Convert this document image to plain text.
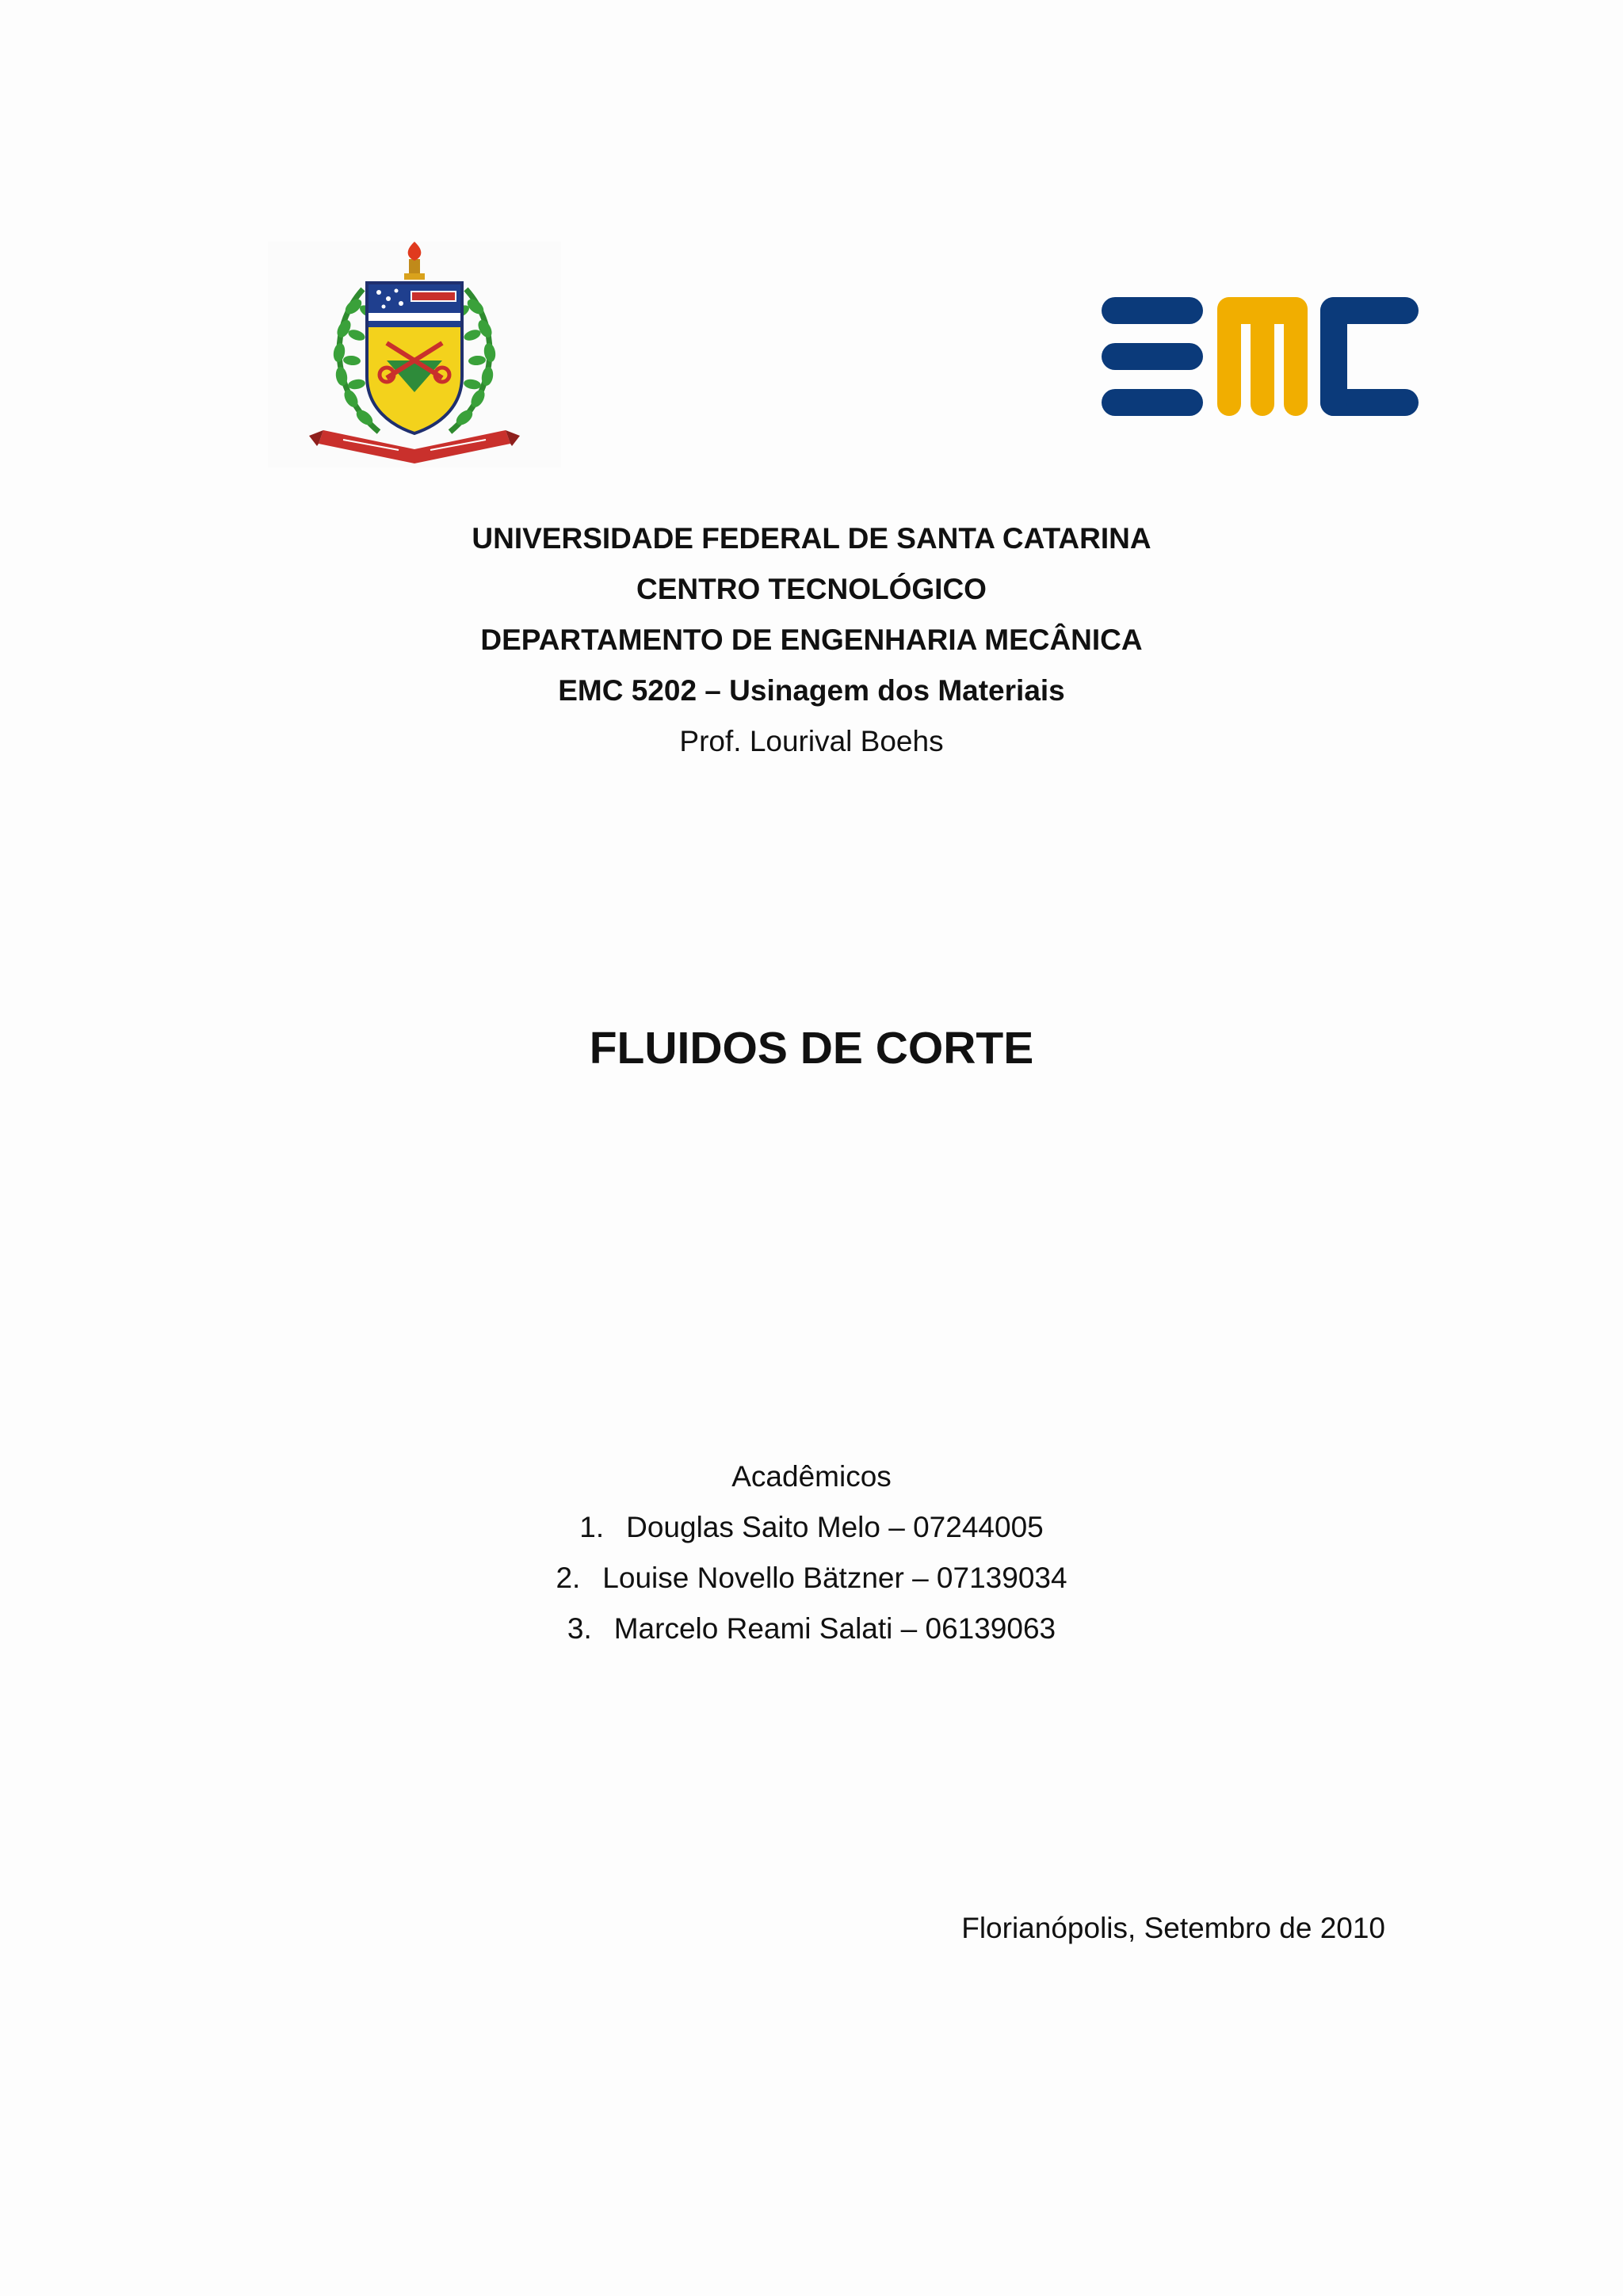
UNIVERSIDADE FEDERAL DE SANTA CATARINA
CENTRO TECNOLÓGICO
DEPARTAMENTO DE ENGENHARIA MECÂNICA
EMC 5202 – Usinagem dos Materiais
Prof. Lourival Boehs
FLUIDOS DE CORTE
Acadêmicos
1. Douglas Saito Melo – 07244005
2. Louise Novello Bätzner – 07139034
3. Marcelo Reami Salati – 06139063
Florianópolis, Setembro de 2010
